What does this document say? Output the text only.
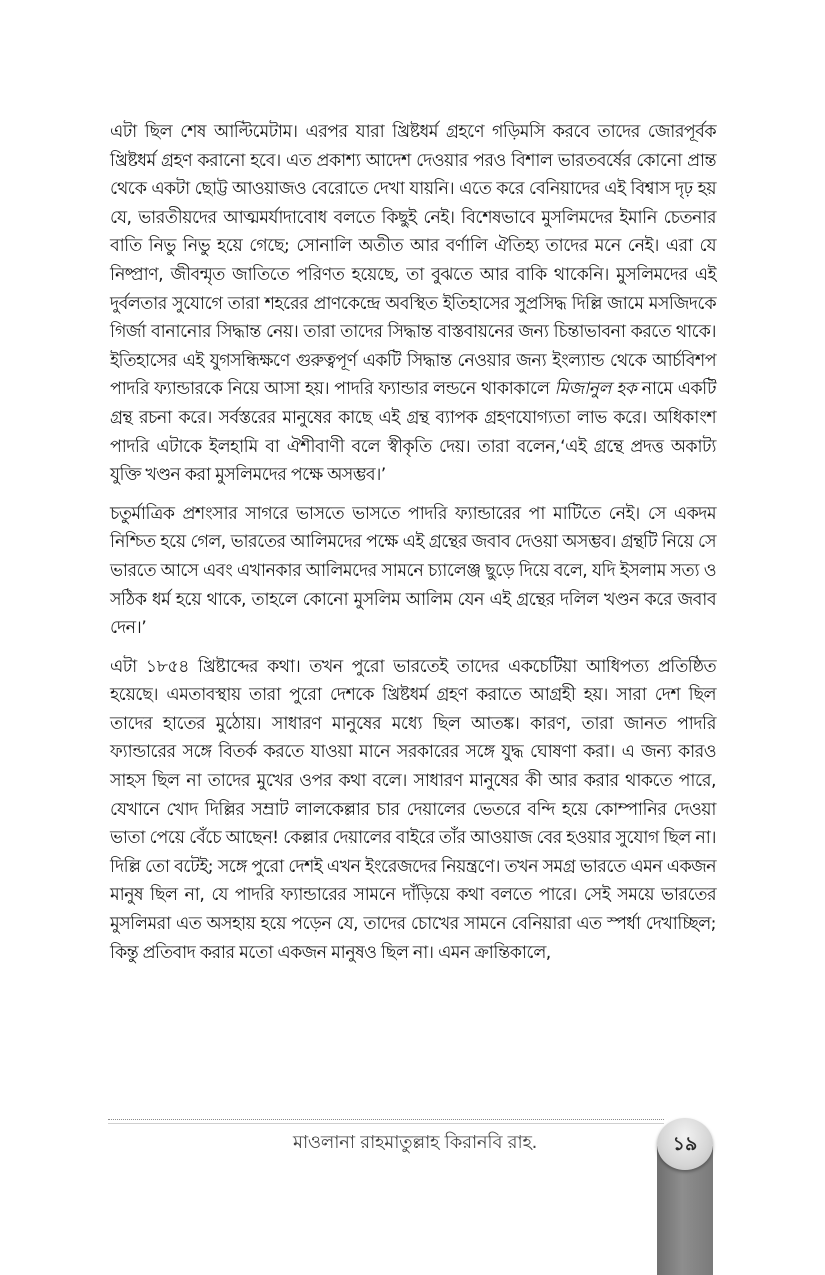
এটা ছিল শেষ আল্টিমেটাম। এরপর যারা খ্রিষ্টধর্ম গ্রহণে গড়িমসি করবে তাদের জোরপূর্বক খ্রিষ্টধর্ম গ্রহণ করানো হবে। এত প্রকাশ্য আদেশ দেওয়ার পরও বিশাল ভারতবর্ষের কোনো প্রান্ত থেকে একটা ছোট্ট আওয়াজও বেরোতে দেখা যায়নি। এতে করে বেনিয়াদের এই বিশ্বাস দৃঢ় হয় যে, ভারতীয়দের আত্মমর্যাদাবোধ বলতে কিছুই নেই। বিশেষভাবে মুসলিমদের ইমানি চেতনার বাতি নিভু নিভু হয়ে গেছে; সোনালি অতীত আর বর্ণালি ঐতিহ্য তাদের মনে নেই। এরা যে নিষ্প্রাণ, জীবন্মৃত জাতিতে পরিণত হয়েছে, তা বুঝতে আর বাকি থাকেনি। মুসলিমদের এই দুর্বলতার সুযোগে তারা শহরের প্রাণকেন্দ্রে অবস্থিত ইতিহাসের সুপ্রসিদ্ধ দিল্লি জামে মসজিদকে গির্জা বানানোর সিদ্ধান্ত নেয়। তারা তাদের সিদ্ধান্ত বাস্তবায়নের জন্য চিন্তাভাবনা করতে থাকে। ইতিহাসের এই যুগসন্ধিক্ষণে গুরুত্বপূর্ণ একটি সিদ্ধান্ত নেওয়ার জন্য ইংল্যান্ড থেকে আর্চবিশপ পাদরি ফ্যান্ডারকে নিয়ে আসা হয়। পাদরি ফ্যান্ডার লন্ডনে থাকাকালে মিজানুল হক নামে একটি গ্রন্থ রচনা করে। সর্বস্তরের মানুষের কাছে এই গ্রন্থ ব্যাপক গ্রহণযোগ্যতা লাভ করে। অধিকাংশ পাদরি এটাকে ইলহামি বা ঐশীবাণী বলে স্বীকৃতি দেয়। তারা বলেন,‘এই গ্রন্থে প্রদত্ত অকাট্য যুক্তি খণ্ডন করা মুসলিমদের পক্ষে অসম্ভব।’

চতুর্মাত্রিক প্রশংসার সাগরে ভাসতে ভাসতে পাদরি ফ্যান্ডারের পা মাটিতে নেই। সে একদম নিশ্চিত হয়ে গেল, ভারতের আলিমদের পক্ষে এই গ্রন্থের জবাব দেওয়া অসম্ভব। গ্রন্থটি নিয়ে সে ভারতে আসে এবং এখানকার আলিমদের সামনে চ্যালেঞ্জ ছুড়ে দিয়ে বলে, যদি ইসলাম সত্য ও সঠিক ধর্ম হয়ে থাকে, তাহলে কোনো মুসলিম আলিম যেন এই গ্রন্থের দলিল খণ্ডন করে জবাব দেন।’

এটা ১৮৫৪ খ্রিষ্টাব্দের কথা। তখন পুরো ভারতেই তাদের একচেটিয়া আধিপত্য প্রতিষ্ঠিত হয়েছে। এমতাবস্থায় তারা পুরো দেশকে খ্রিষ্টধর্ম গ্রহণ করাতে আগ্রহী হয়। সারা দেশ ছিল তাদের হাতের মুঠোয়। সাধারণ মানুষের মধ্যে ছিল আতঙ্ক। কারণ, তারা জানত পাদরি ফ্যান্ডারের সঙ্গে বিতর্ক করতে যাওয়া মানে সরকারের সঙ্গে যুদ্ধ ঘোষণা করা। এ জন্য কারও সাহস ছিল না তাদের মুখের ওপর কথা বলে। সাধারণ মানুষের কী আর করার থাকতে পারে, যেখানে খোদ দিল্লির সম্রাট লালকেল্লার চার দেয়ালের ভেতরে বন্দি হয়ে কোম্পানির দেওয়া ভাতা পেয়ে বেঁচে আছেন! কেল্লার দেয়ালের বাইরে তাঁর আওয়াজ বের হওয়ার সুযোগ ছিল না। দিল্লি তো বটেই; সঙ্গে পুরো দেশই এখন ইংরেজদের নিয়ন্ত্রণে। তখন সমগ্র ভারতে এমন একজন মানুষ ছিল না, যে পাদরি ফ্যান্ডারের সামনে দাঁড়িয়ে কথা বলতে পারে। সেই সময়ে ভারতের মুসলিমরা এত অসহায় হয়ে পড়েন যে, তাদের চোখের সামনে বেনিয়ারা এত স্পর্ধা দেখাচ্ছিল; কিন্তু প্রতিবাদ করার মতো একজন মানুষও ছিল না। এমন ক্রান্তিকালে,

মাওলানা রাহমাতুল্লাহ কিরানবি রাহ.	১৯
